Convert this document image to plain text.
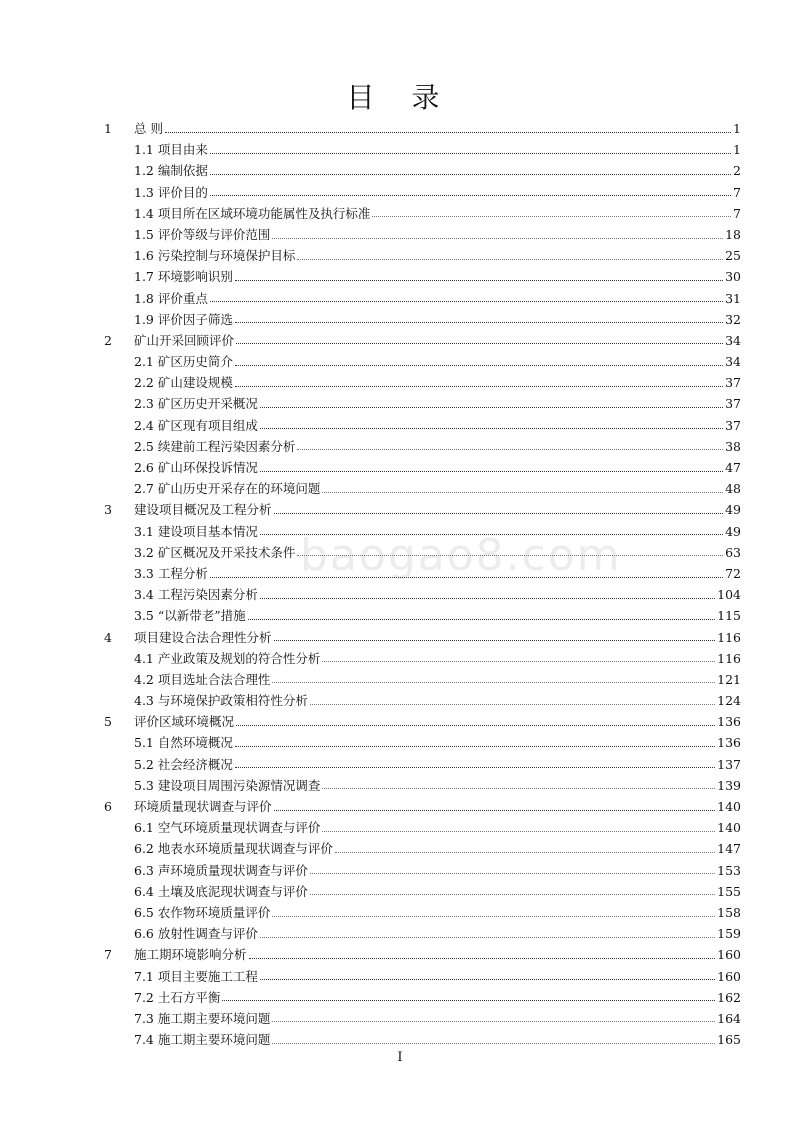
目 录
baogao8.com
1	总 则	1
1.1 项目由来	1
1.2 编制依据	2
1.3 评价目的	7
1.4 项目所在区域环境功能属性及执行标准	7
1.5 评价等级与评价范围	18
1.6 污染控制与环境保护目标	25
1.7 环境影响识别	30
1.8 评价重点	31
1.9 评价因子筛选	32
2	矿山开采回顾评价	34
2.1 矿区历史简介	34
2.2 矿山建设规模	37
2.3 矿区历史开采概况	37
2.4 矿区现有项目组成	37
2.5 续建前工程污染因素分析	38
2.6 矿山环保投诉情况	47
2.7 矿山历史开采存在的环境问题	48
3	建设项目概况及工程分析	49
3.1 建设项目基本情况	49
3.2 矿区概况及开采技术条件	63
3.3 工程分析	72
3.4 工程污染因素分析	104
3.5 “以新带老”措施	115
4	项目建设合法合理性分析	116
4.1 产业政策及规划的符合性分析	116
4.2 项目选址合法合理性	121
4.3 与环境保护政策相符性分析	124
5	评价区域环境概况	136
5.1 自然环境概况	136
5.2 社会经济概况	137
5.3 建设项目周围污染源情况调查	139
6	环境质量现状调查与评价	140
6.1 空气环境质量现状调查与评价	140
6.2 地表水环境质量现状调查与评价	147
6.3 声环境质量现状调查与评价	153
6.4 土壤及底泥现状调查与评价	155
6.5 农作物环境质量评价	158
6.6 放射性调查与评价	159
7	施工期环境影响分析	160
7.1 项目主要施工工程	160
7.2 土石方平衡	162
7.3 施工期主要环境问题	164
7.4 施工期主要环境问题	165
I
